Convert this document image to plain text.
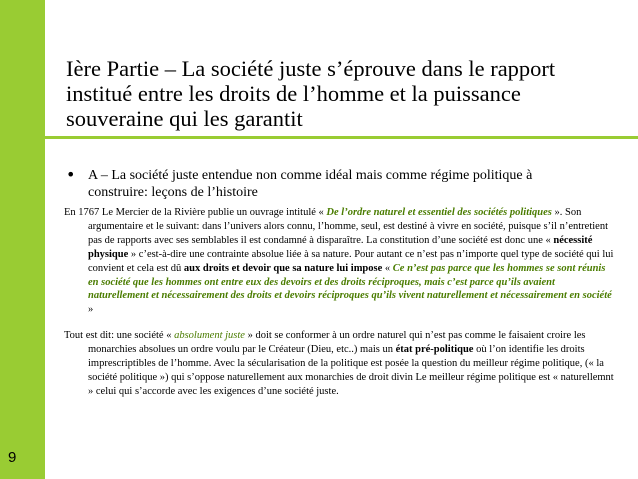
9
Ière Partie – La société juste s’éprouve dans le rapport institué entre les droits de l’homme et la puissance souveraine qui les garantit
• A – La société juste entendue non comme idéal mais comme régime politique à construire: leçons de l’histoire
En 1767 Le Mercier de la Rivière publie un ouvrage intitulé « De l’ordre naturel et essentiel des sociétés politiques ». Son argumentaire et le suivant: dans l’univers alors connu, l’homme, seul, est destiné à vivre en société, puisque s’il n’entretient pas de rapports avec ses semblables il est condamné à disparaître. La constitution d’une société est donc une « nécessité physique » c’est-à-dire une contrainte absolue liée à sa nature. Pour autant ce n’est pas n’importe quel type de société qui lui convient et cela est dû aux droits et devoir que sa nature lui impose « Ce n’est pas parce que les hommes se sont réunis en société que les hommes ont entre eux des devoirs et des droits réciproques, mais c’est parce qu’ils avaient naturellement et nécessairement des droits et devoirs réciproques qu’ils vivent naturellement et nécessairement en société »
Tout est dit: une société « absolument juste » doit se conformer à un ordre naturel qui n’est pas comme le faisaient croire les monarchies absolues un ordre voulu par le Créateur (Dieu, etc..) mais un état pré-politique où l’on identifie les droits imprescriptibles de l’homme. Avec la sécularisation de la politique est posée la question du meilleur régime politique, (« la société politique ») qui s’oppose naturellement aux monarchies de droit divin Le meilleur régime politique est « naturellemnt » celui qui s’accorde avec les exigences d’une société juste.
